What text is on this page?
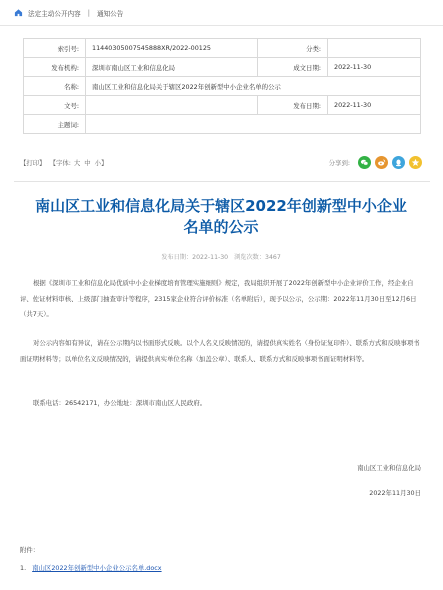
法定主动公开内容 | 通知公告
索引号:	11440305007545888XR/2022-00125	分类:	
发布机构:	深圳市南山区工业和信息化局	成文日期:	2022-11-30
名称:	南山区工业和信息化局关于辖区2022年创新型中小企业名单的公示		
文号:		发布日期:	2022-11-30
主题词:			
【打印】 【字体: 大 中 小 】	分享到:
南山区工业和信息化局关于辖区2022年创新型中小企业
名单的公示
发布日期：2022-11-30 浏览次数：3467

根据《深圳市工业和信息化局优质中小企业梯度培育管理实施细则》规定，我局组织开展了2022年创新型中小企业评价工作，经企业自评、佐证材料审核、上级部门抽查审计等程序，2315家企业符合评价标准（名单附后），现予以公示，公示期：2022年11月30日至12月6日（共7天）。

对公示内容如有异议，请在公示期内以书面形式反映。以个人名义反映情况的，请提供真实姓名（身份证复印件）、联系方式和反映事项书面证明材料等；以单位名义反映情况的，请提供真实单位名称（加盖公章）、联系人、联系方式和反映事项书面证明材料等。

联系电话：26542171，办公地址：深圳市南山区人民政府。

南山区工业和信息化局
2022年11月30日
附件：
1. 南山区2022年创新型中小企业公示名单.docx
